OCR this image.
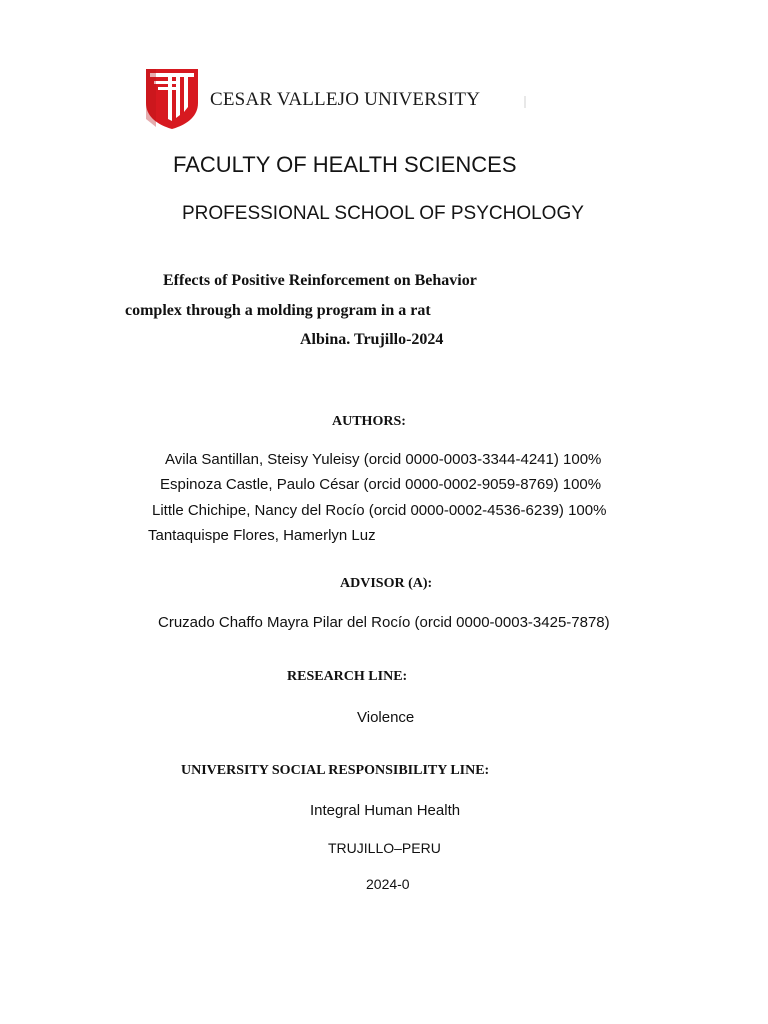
CESAR VALLEJO UNIVERSITY
FACULTY OF HEALTH SCIENCES
PROFESSIONAL SCHOOL OF PSYCHOLOGY
Effects of Positive Reinforcement on Behavior
complex through a molding program in a rat
Albina. Trujillo-2024
AUTHORS:
Avila Santillan, Steisy Yuleisy (orcid 0000-0003-3344-4241) 100%
Espinoza Castle, Paulo César (orcid 0000-0002-9059-8769) 100%
Little Chichipe, Nancy del Rocío (orcid 0000-0002-4536-6239) 100%
Tantaquispe Flores, Hamerlyn Luz
ADVISOR (A):
Cruzado Chaffo Mayra Pilar del Rocío (orcid 0000-0003-3425-7878)
RESEARCH LINE:
Violence
UNIVERSITY SOCIAL RESPONSIBILITY LINE:
Integral Human Health
TRUJILLO–PERU
2024-0
